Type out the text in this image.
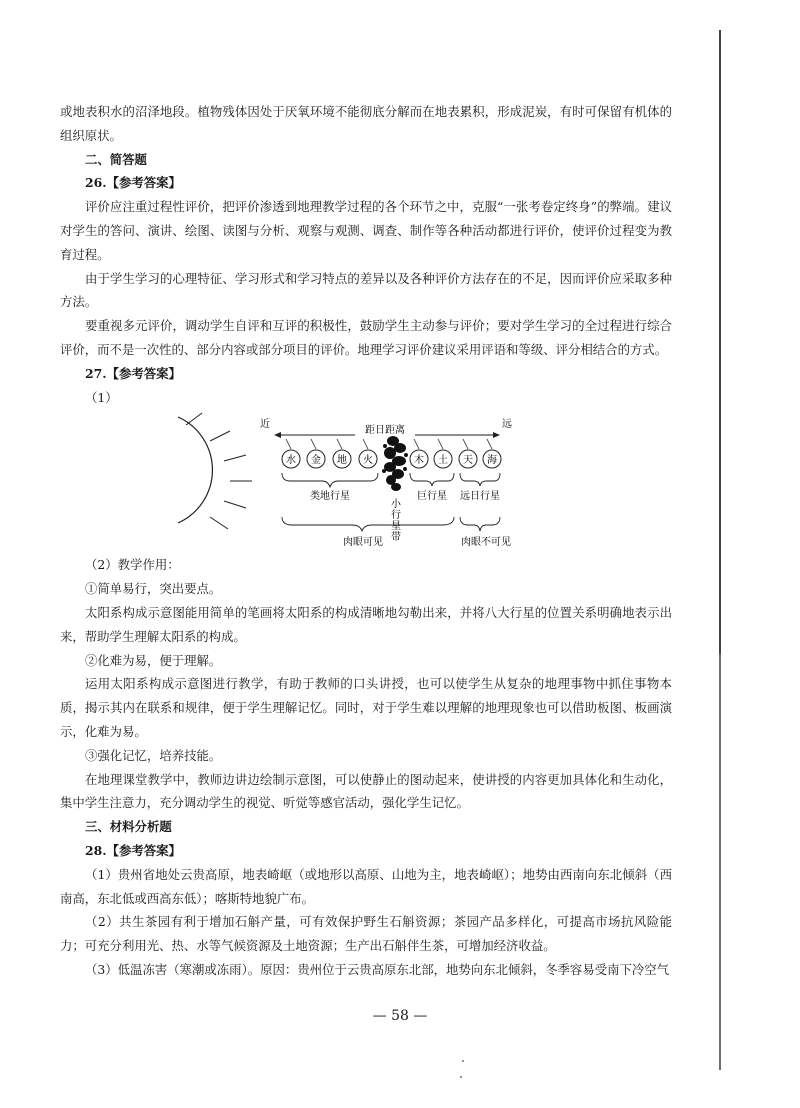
或地表积水的沼泽地段。植物残体因处于厌氧环境不能彻底分解而在地表累积，形成泥炭，有时可保留有机体的组织原状。

二、简答题

26.【参考答案】

评价应注重过程性评价，把评价渗透到地理教学过程的各个环节之中，克服“一张考卷定终身”的弊端。建议对学生的答问、演讲、绘图、读图与分析、观察与观测、调查、制作等各种活动都进行评价，使评价过程变为教育过程。

由于学生学习的心理特征、学习形式和学习特点的差异以及各种评价方法存在的不足，因而评价应采取多种方法。

要重视多元评价，调动学生自评和互评的积极性，鼓励学生主动参与评价；要对学生学习的全过程进行综合评价，而不是一次性的、部分内容或部分项目的评价。地理学习评价建议采用评语和等级、评分相结合的方式。

27.【参考答案】

（1）

近	远
距日距离
水 金 地 火	木 土 天 海
小
行
星
带
类地行星	巨行星 远日行星
肉眼可见	肉眼不可见

（2）教学作用：

①简单易行，突出要点。

太阳系构成示意图能用简单的笔画将太阳系的构成清晰地勾勒出来，并将八大行星的位置关系明确地表示出来，帮助学生理解太阳系的构成。

②化难为易，便于理解。

运用太阳系构成示意图进行教学，有助于教师的口头讲授，也可以使学生从复杂的地理事物中抓住事物本质，揭示其内在联系和规律，便于学生理解记忆。同时，对于学生难以理解的地理现象也可以借助板图、板画演示，化难为易。

③强化记忆，培养技能。

在地理课堂教学中，教师边讲边绘制示意图，可以使静止的图动起来，使讲授的内容更加具体化和生动化，集中学生注意力，充分调动学生的视觉、听觉等感官活动，强化学生记忆。

三、材料分析题

28.【参考答案】

（1）贵州省地处云贵高原，地表崎岖（或地形以高原、山地为主，地表崎岖）；地势由西南向东北倾斜（西南高，东北低或西高东低）；喀斯特地貌广布。

（2）共生茶园有利于增加石斛产量，可有效保护野生石斛资源；茶园产品多样化，可提高市场抗风险能力；可充分利用光、热、水等气候资源及土地资源；生产出石斛伴生茶，可增加经济收益。

（3）低温冻害（寒潮或冻雨）。原因：贵州位于云贵高原东北部，地势向东北倾斜，冬季容易受南下冷空气

— 58 —
